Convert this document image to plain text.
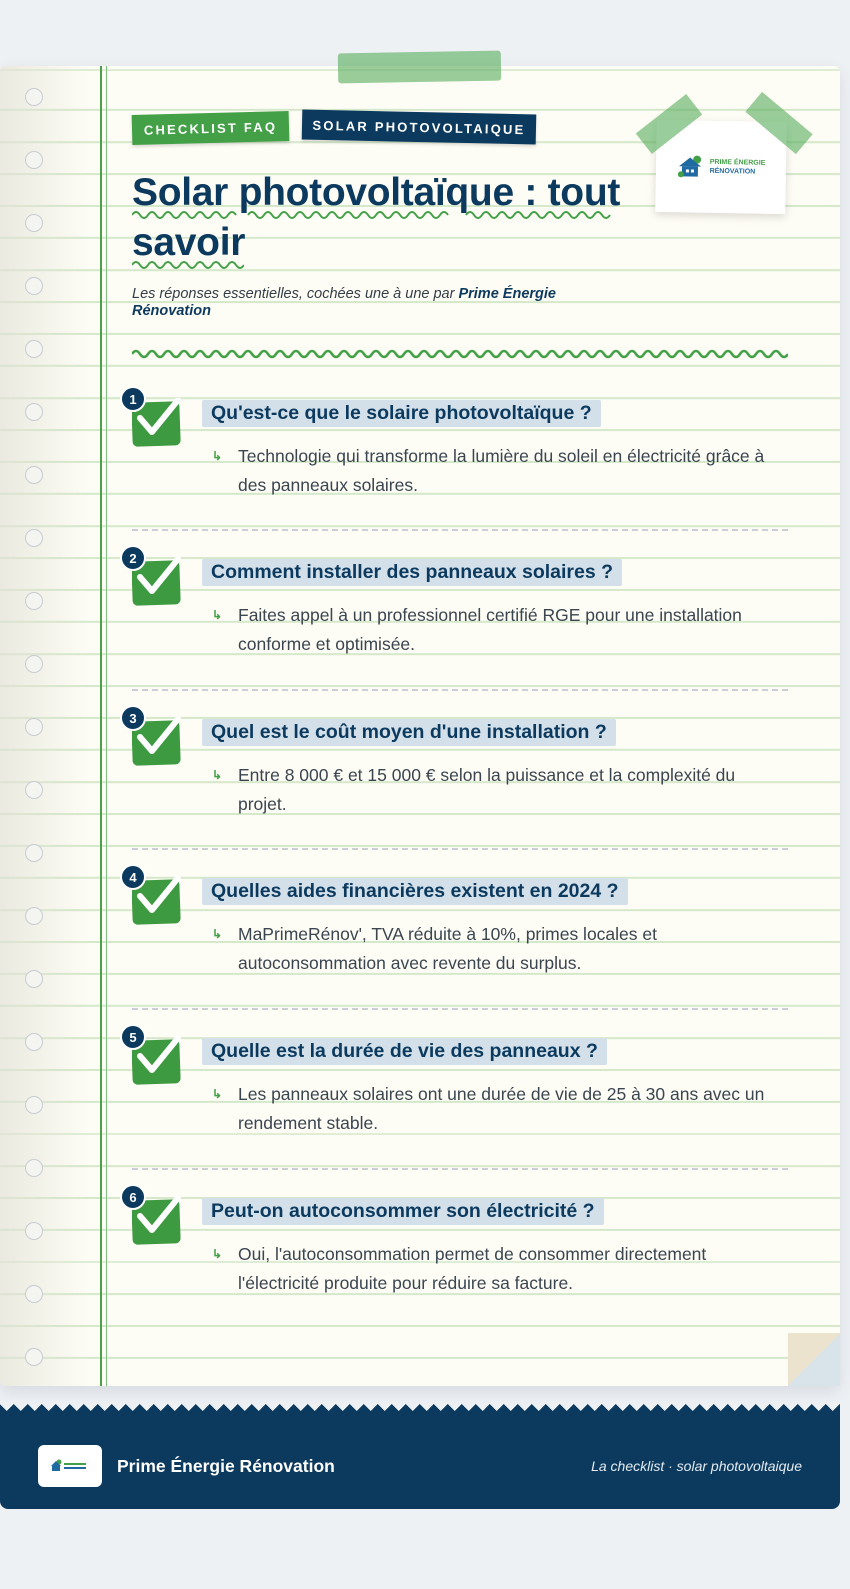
CHECKLIST FAQ	SOLAR PHOTOVOLTAIQUE
PRIME ÉNERGIE
RÉNOVATION
Solar photovoltaïque : tout
savoir

Les réponses essentielles, cochées une à une par Prime Énergie Rénovation

1
Qu'est-ce que le solaire photovoltaïque ?
↳ Technologie qui transforme la lumière du soleil en électricité grâce à des panneaux solaires.
2
Comment installer des panneaux solaires ?
↳ Faites appel à un professionnel certifié RGE pour une installation conforme et optimisée.
3
Quel est le coût moyen d'une installation ?
↳ Entre 8 000 € et 15 000 € selon la puissance et la complexité du projet.
4
Quelles aides financières existent en 2024 ?
↳ MaPrimeRénov', TVA réduite à 10%, primes locales et autoconsommation avec revente du surplus.
5
Quelle est la durée de vie des panneaux ?
↳ Les panneaux solaires ont une durée de vie de 25 à 30 ans avec un rendement stable.
6
Peut-on autoconsommer son électricité ?
↳ Oui, l'autoconsommation permet de consommer directement l'électricité produite pour réduire sa facture.
Prime Énergie Rénovation	La checklist · solar photovoltaique
